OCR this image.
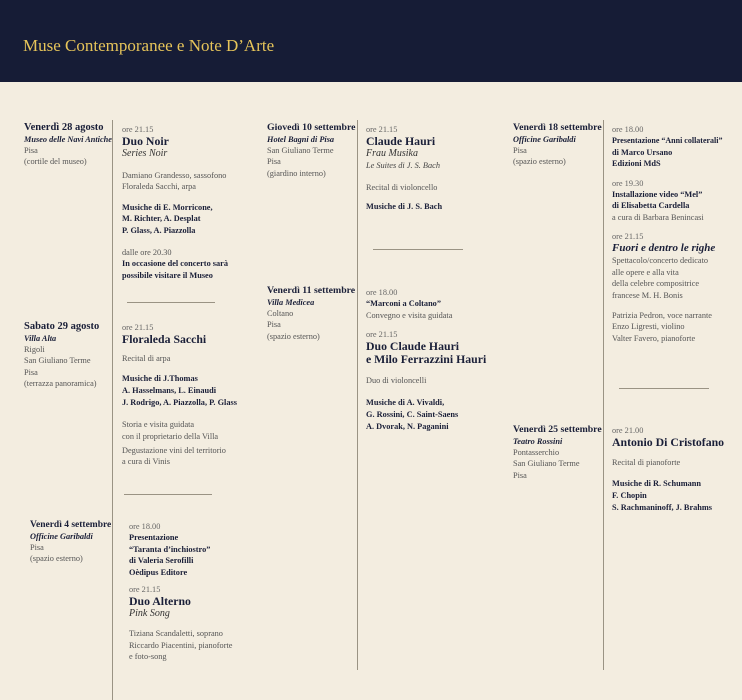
Muse Contemporanee e Note D’Arte
Venerdì 28 agosto
Museo delle Navi Antiche
Pisa
(cortile del museo)
Sabato 29 agosto
Villa Alta
Rigoli
San Giuliano Terme
Pisa
(terrazza panoramica)
Venerdì 4 settembre
Officine Garibaldi
Pisa
(spazio esterno)
ore 21.15
Duo Noir
Series Noir
Damiano Grandesso, sassofono
Floraleda Sacchi, arpa
Musiche di E. Morricone,
M. Richter, A. Desplat
P. Glass, A. Piazzolla
dalle ore 20.30
In occasione del concerto sarà
possibile visitare il Museo
ore 21.15
Floraleda Sacchi
Recital di arpa
Musiche di J.Thomas
A. Hasselmans, L. Einaudi
J. Rodrigo, A. Piazzolla, P. Glass
Storia e visita guidata
con il proprietario della Villa
Degustazione vini del territorio
a cura di Vinis
ore 18.00
Presentazione
“Taranta d’inchiostro”
di Valeria Serofilli
Oèdipus Editore
ore 21.15
Duo Alterno
Pink Song
Tiziana Scandaletti, soprano
Riccardo Piacentini, pianoforte
e foto-song
Giovedì 10 settembre
Hotel Bagni di Pisa
San Giuliano Terme
Pisa
(giardino interno)
Venerdì 11 settembre
Villa Medicea
Coltano
Pisa
(spazio esterno)
ore 21.15
Claude Hauri
Frau Musika
Le Suites di J. S. Bach
Recital di violoncello
Musiche di J. S. Bach
ore 18.00
“Marconi a Coltano”
Convegno e visita guidata
ore 21.15
Duo Claude Hauri
e Milo Ferrazzini Hauri
Duo di violoncelli
Musiche di A. Vivaldi,
G. Rossini, C. Saint-Saens
A. Dvorak, N. Paganini
Venerdì 18 settembre
Officine Garibaldi
Pisa
(spazio esterno)
Venerdì 25 settembre
Teatro Rossini
Pontasserchio
San Giuliano Terme
Pisa
ore 18.00
Presentazione “Anni collaterali”
di Marco Ursano
Edizioni MdS
ore 19.30
Installazione video “Mel”
di Elisabetta Cardella
a cura di Barbara Benincasi
ore 21.15
Fuori e dentro le righe
Spettacolo/concerto dedicato
alle opere e alla vita
della celebre compositrice
francese M. H. Bonis
Patrizia Pedron, voce narrante
Enzo Ligresti, violino
Valter Favero, pianoforte
ore 21.00
Antonio Di Cristofano
Recital di pianoforte
Musiche di R. Schumann
F. Chopin
S. Rachmaninoff, J. Brahms
